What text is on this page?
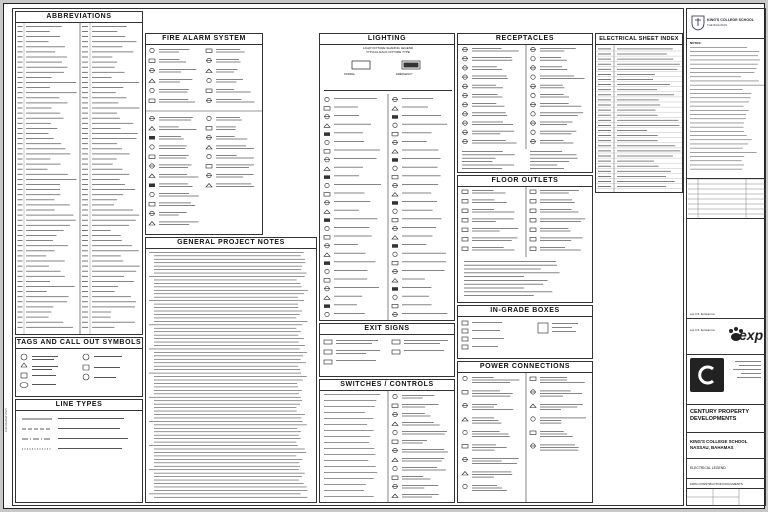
ABBREVIATIONS
TAGS AND CALL OUT SYMBOLS
LINE TYPES
FIRE ALARM SYSTEM
GENERAL PROJECT NOTES
LIGHTING
LIGHT FIXTURE SHADING LEGEND
TYPICAL RACK FIXTURE TYPE
NORMAL	EMERGENCY
EXIT SIGNS
SWITCHES / CONTROLS
RECEPTACLES
FLOOR OUTLETS
IN-GRADE BOXES
POWER CONNECTIONS
ELECTRICAL SHEET INDEX
KING'S COLLEGE SCHOOL
THE BAHAMAS
NOTES:
exp U.S. Services Inc.
exp
exp U.S. Services Inc.
CENTURY PROPERTY DEVELOPMENTS
KING'S COLLEGE SCHOOL NASSAU, BAHAMAS
ELECTRICAL LEGEND
100% CONSTRUCTION DOCUMENTS
FOR REVIEW ONLY
